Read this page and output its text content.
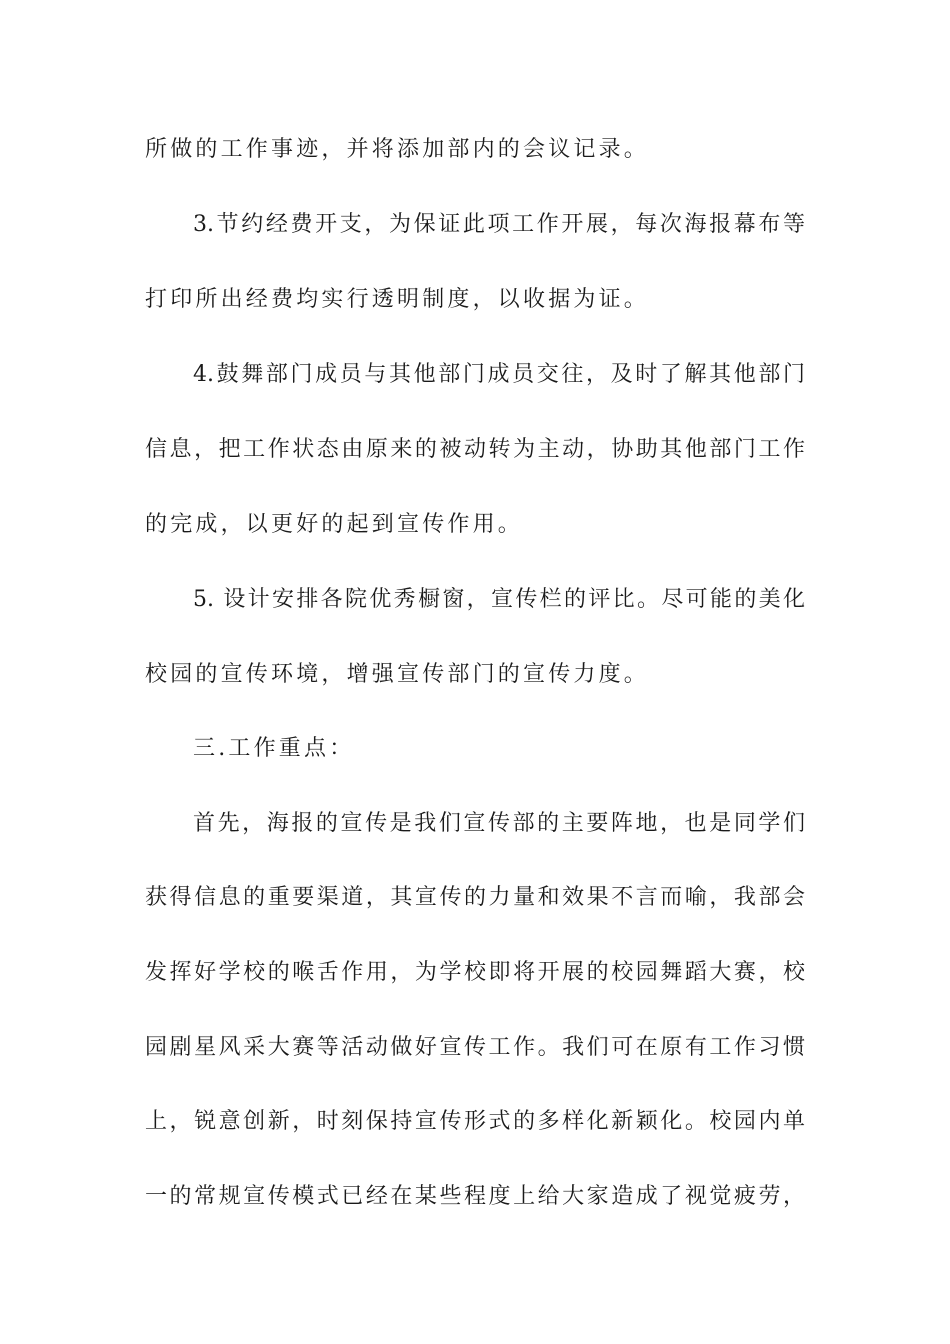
所做的工作事迹，并将添加部内的会议记录。
3.节约经费开支，为保证此项工作开展，每次海报幕布等
打印所出经费均实行透明制度，以收据为证。
4.鼓舞部门成员与其他部门成员交往，及时了解其他部门
信息，把工作状态由原来的被动转为主动，协助其他部门工作
的完成，以更好的起到宣传作用。
5. 设计安排各院优秀橱窗，宣传栏的评比。尽可能的美化
校园的宣传环境，增强宣传部门的宣传力度。
三.工作重点：
首先，海报的宣传是我们宣传部的主要阵地，也是同学们
获得信息的重要渠道，其宣传的力量和效果不言而喻，我部会
发挥好学校的喉舌作用，为学校即将开展的校园舞蹈大赛，校
园剧星风采大赛等活动做好宣传工作。我们可在原有工作习惯
上，锐意创新，时刻保持宣传形式的多样化新颖化。校园内单
一的常规宣传模式已经在某些程度上给大家造成了视觉疲劳，
